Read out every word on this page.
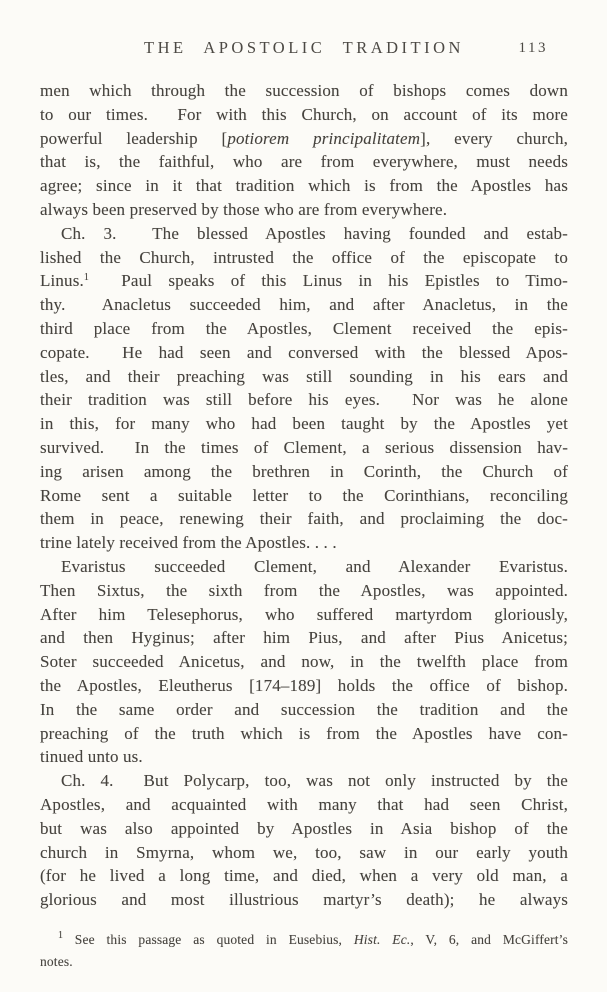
THE APOSTOLIC TRADITION	113
men which through the succession of bishops comes down
to our times.  For with this Church, on account of its more
powerful leadership [potiorem principalitatem], every church,
that is, the faithful, who are from everywhere, must needs
agree; since in it that tradition which is from the Apostles has
always been preserved by those who are from everywhere.
Ch. 3.  The blessed Apostles having founded and estab-
lished the Church, intrusted the office of the episcopate to
Linus.$^1$  Paul speaks of this Linus in his Epistles to Timo-
thy.  Anacletus succeeded him, and after Anacletus, in the
third place from the Apostles, Clement received the epis-
copate.  He had seen and conversed with the blessed Apos-
tles, and their preaching was still sounding in his ears and
their tradition was still before his eyes.  Nor was he alone
in this, for many who had been taught by the Apostles yet
survived.  In the times of Clement, a serious dissension hav-
ing arisen among the brethren in Corinth, the Church of
Rome sent a suitable letter to the Corinthians, reconciling
them in peace, renewing their faith, and proclaiming the doc-
trine lately received from the Apostles. . . .
Evaristus succeeded Clement, and Alexander Evaristus.
Then Sixtus, the sixth from the Apostles, was appointed.
After him Telesephorus, who suffered martyrdom gloriously,
and then Hyginus; after him Pius, and after Pius Anicetus;
Soter succeeded Anicetus, and now, in the twelfth place from
the Apostles, Eleutherus [174–189] holds the office of bishop.
In the same order and succession the tradition and the
preaching of the truth which is from the Apostles have con-
tinued unto us.
Ch. 4.  But Polycarp, too, was not only instructed by the
Apostles, and acquainted with many that had seen Christ,
but was also appointed by Apostles in Asia bishop of the
church in Smyrna, whom we, too, saw in our early youth
(for he lived a long time, and died, when a very old man, a
glorious and most illustrious martyr’s death); he always
$^1$ See this passage as quoted in Eusebius, Hist. Ec., V, 6, and McGiffert’s
notes.
